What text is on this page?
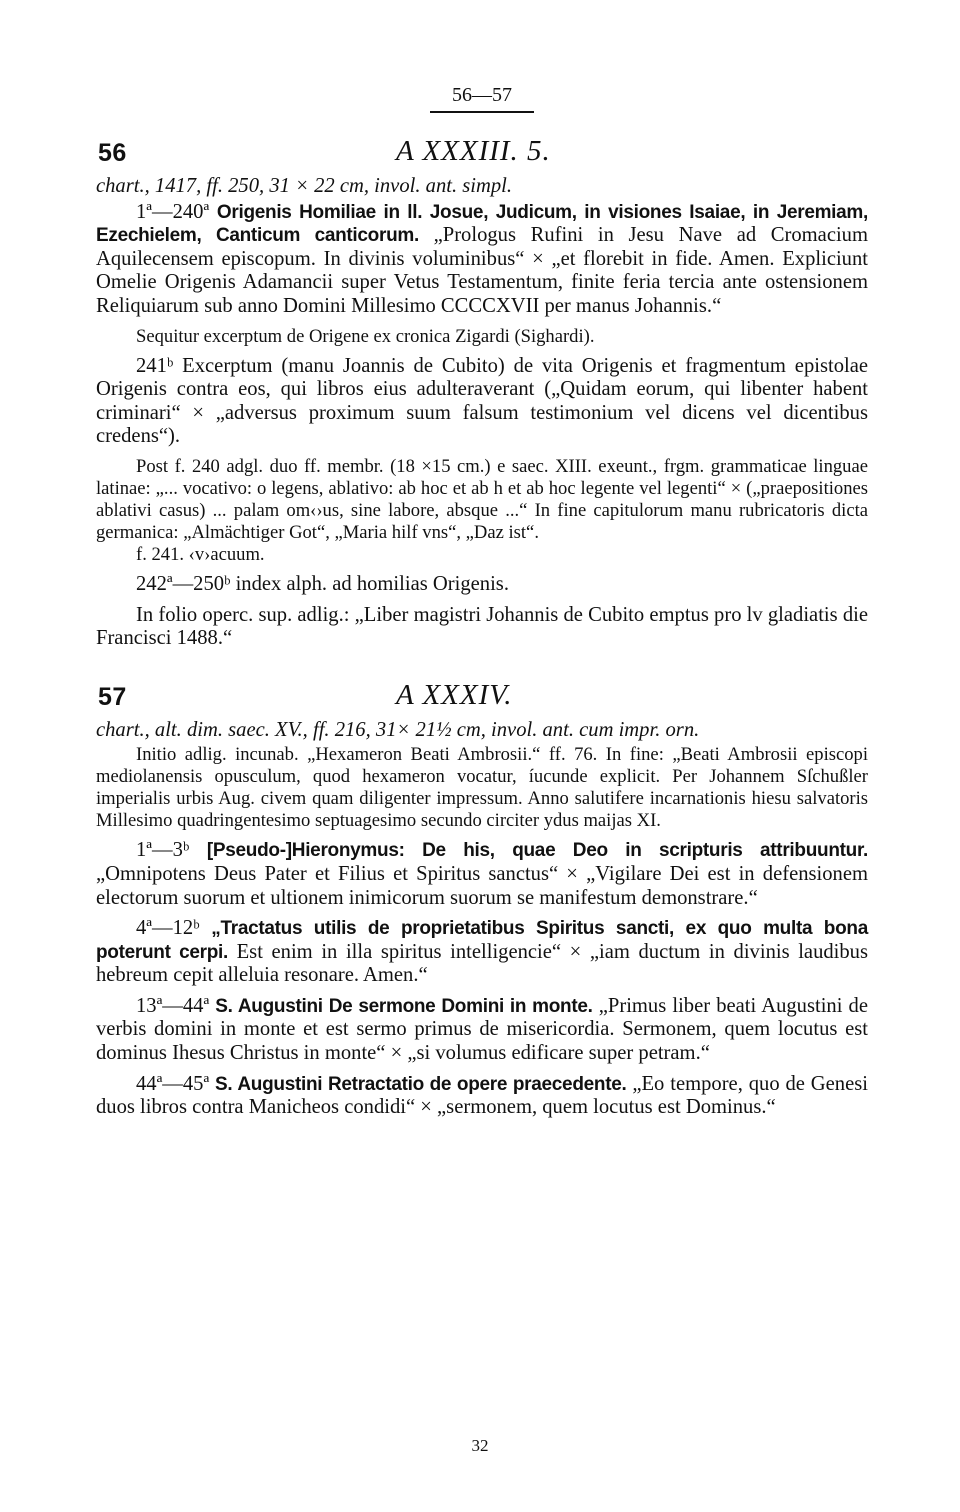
56—57
56	A XXXIII. 5.

chart., 1417, ff. 250, 31 × 22 cm, invol. ant. simpl.

1ª—240ª Origenis Homiliae in ll. Josue, Judicum, in visiones Isaiae, in Jeremiam, Ezechielem, Canticum canticorum. „Prologus Rufini in Jesu Nave ad Cromacium Aquilecensem episcopum. In divinis voluminibus“ × „et florebit in fide. Amen. Expliciunt Omelie Origenis Adamancii super Vetus Testamentum, finite feria tercia ante ostensionem Reliquiarum sub anno Domini Millesimo CCCCXVII per manus Johannis.“

Sequitur excerptum de Origene ex cronica Zigardi (Sighardi).

241ᵇ Excerptum (manu Joannis de Cubito) de vita Origenis et fragmentum epistolae Origenis contra eos, qui libros eius adulteraverant („Quidam eorum, qui libenter habent criminari“ × „adversus proximum suum falsum testimonium vel dicens vel dicentibus credens“).

Post f. 240 adgl. duo ff. membr. (18 ×15 cm.) e saec. XIII. exeunt., frgm. grammaticae linguae latinae: „... vocativo: o legens, ablativo: ab hoc et ab h et ab hoc legente vel legenti“ × („praepositiones ablativi casus) ... palam om‹›us, sine labore, absque ...“ In fine capitulorum manu rubricatoris dicta germanica: „Almächtiger Got“, „Maria hilf vns“, „Daz ist“.

f. 241. ‹v›acuum.

242ª—250ᵇ index alph. ad homilias Origenis.

In folio operc. sup. adlig.: „Liber magistri Johannis de Cubito emptus pro lv gladiatis die Francisci 1488.“

57	A XXXIV.

chart., alt. dim. saec. XV., ff. 216, 31× 21½ cm, invol. ant. cum impr. orn.

Initio adlig. incunab. „Hexameron Beati Ambrosii.“ ff. 76. In fine: „Beati Ambrosii episcopi mediolanensis opusculum, quod hexameron vocatur, íucunde explicit. Per Johannem Sſchußler imperialis urbis Aug. civem quam diligenter impressum. Anno salutifere incarnationis hiesu salvatoris Millesimo quadringentesimo septuagesimo secundo circiter ydus maijas XI.

1ª—3ᵇ [Pseudo-]Hieronymus: De his, quae Deo in scripturis attribuuntur. „Omnipotens Deus Pater et Filius et Spiritus sanctus“ × „Vigilare Dei est in defensionem electorum suorum et ultionem inimicorum suorum se manifestum demonstrare.“

4ª—12ᵇ „Tractatus utilis de proprietatibus Spiritus sancti, ex quo multa bona poterunt cerpi. Est enim in illa spiritus intelligencie“ × „iam ductum in divinis laudibus hebreum cepit alleluia resonare. Amen.“

13ª—44ª S. Augustini De sermone Domini in monte. „Primus liber beati Augustini de verbis domini in monte et est sermo primus de misericordia. Sermonem, quem locutus est dominus Ihesus Christus in monte“ × „si volumus edificare super petram.“

44ª—45ª S. Augustini Retractatio de opere praecedente. „Eo tempore, quo de Genesi duos libros contra Manicheos condidi“ × „sermonem, quem locutus est Dominus.“

32
